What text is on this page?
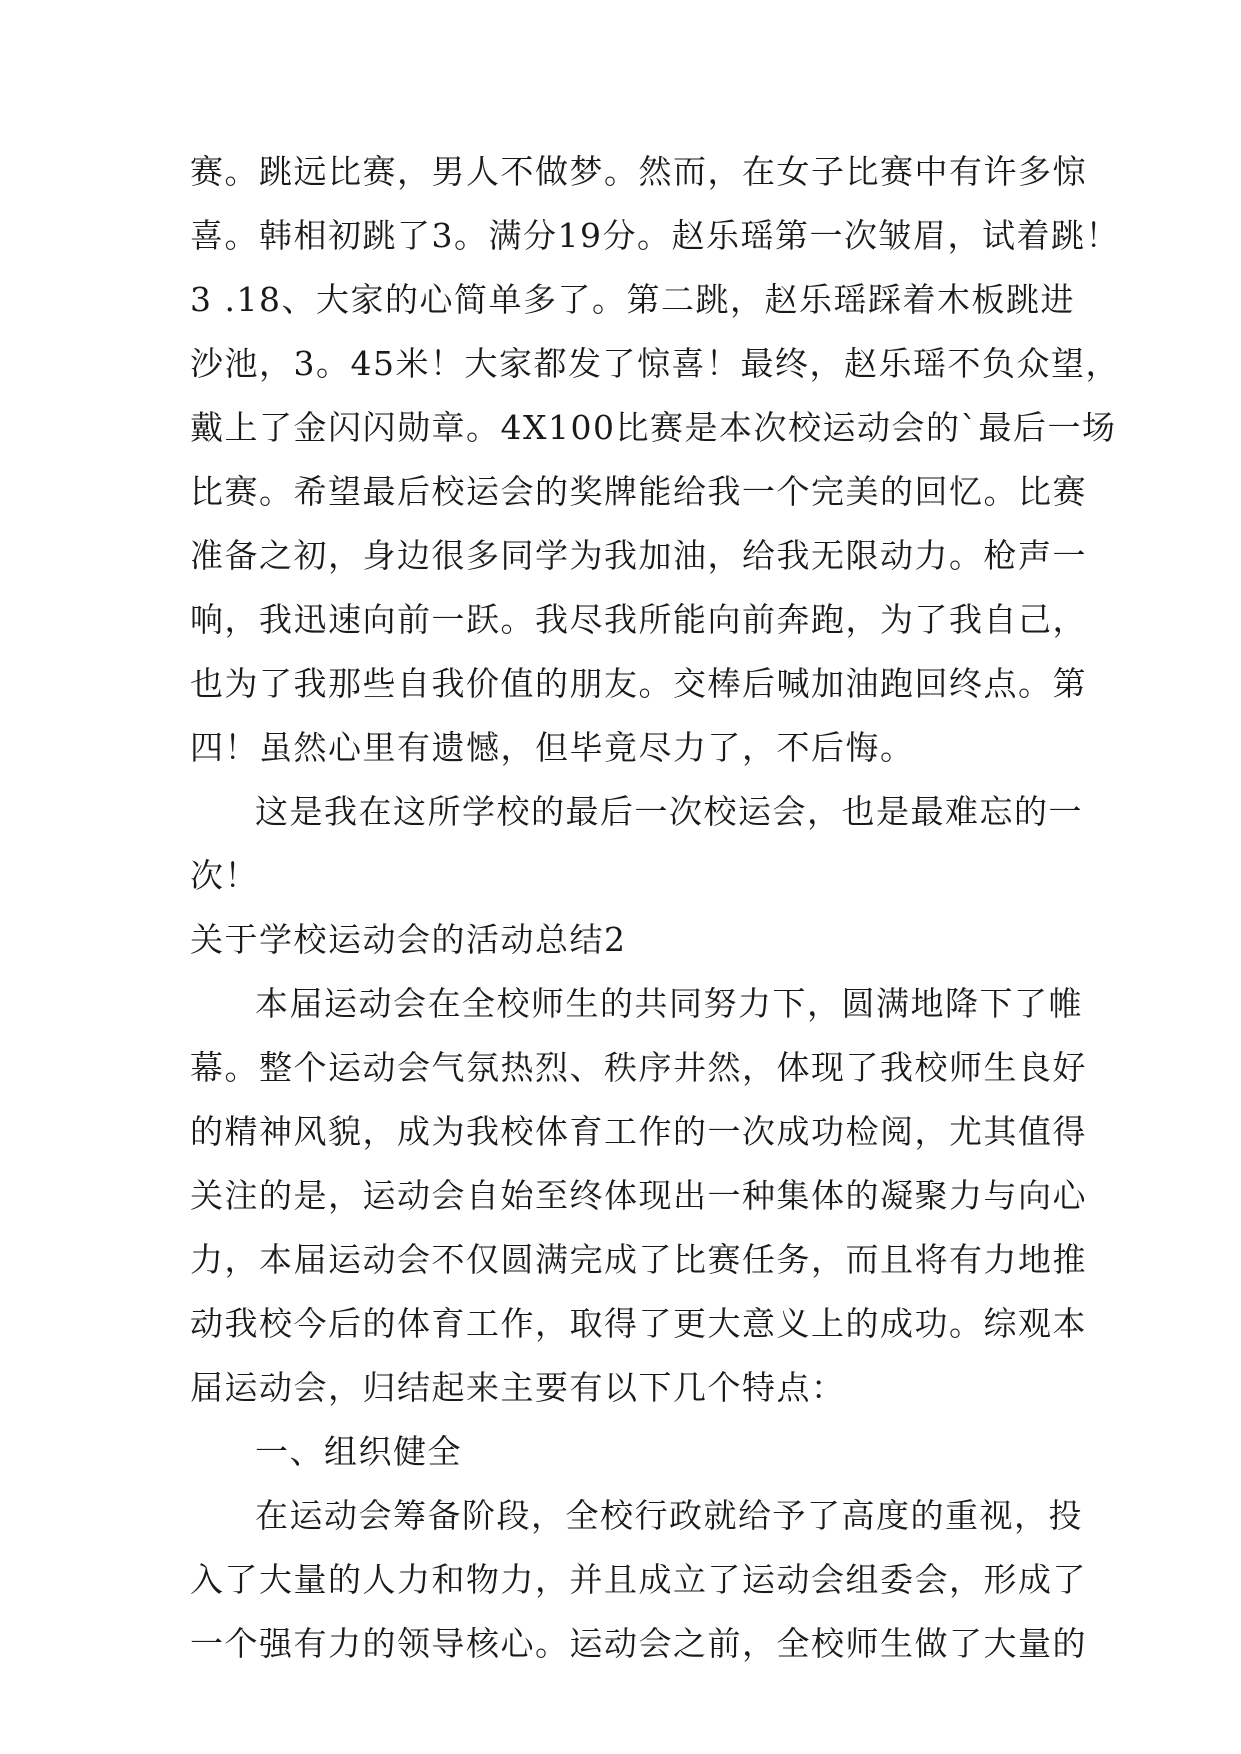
赛。跳远比赛，男人不做梦。然而，在女子比赛中有许多惊
喜。韩相初跳了3。满分19分。赵乐瑶第一次皱眉，试着跳！
3 .18、大家的心简单多了。第二跳，赵乐瑶踩着木板跳进
沙池，3。45米！大家都发了惊喜！最终，赵乐瑶不负众望，
戴上了金闪闪勋章。4X100比赛是本次校运动会的`最后一场
比赛。希望最后校运会的奖牌能给我一个完美的回忆。比赛
准备之初，身边很多同学为我加油，给我无限动力。枪声一
响，我迅速向前一跃。我尽我所能向前奔跑，为了我自己，
也为了我那些自我价值的朋友。交棒后喊加油跑回终点。第
四！虽然心里有遗憾，但毕竟尽力了，不后悔。
这是我在这所学校的最后一次校运会，也是最难忘的一
次！
关于学校运动会的活动总结2
本届运动会在全校师生的共同努力下，圆满地降下了帷
幕。整个运动会气氛热烈、秩序井然，体现了我校师生良好
的精神风貌，成为我校体育工作的一次成功检阅，尤其值得
关注的是，运动会自始至终体现出一种集体的凝聚力与向心
力，本届运动会不仅圆满完成了比赛任务，而且将有力地推
动我校今后的体育工作，取得了更大意义上的成功。综观本
届运动会，归结起来主要有以下几个特点：
一、组织健全
在运动会筹备阶段，全校行政就给予了高度的重视，投
入了大量的人力和物力，并且成立了运动会组委会，形成了
一个强有力的领导核心。运动会之前，全校师生做了大量的
